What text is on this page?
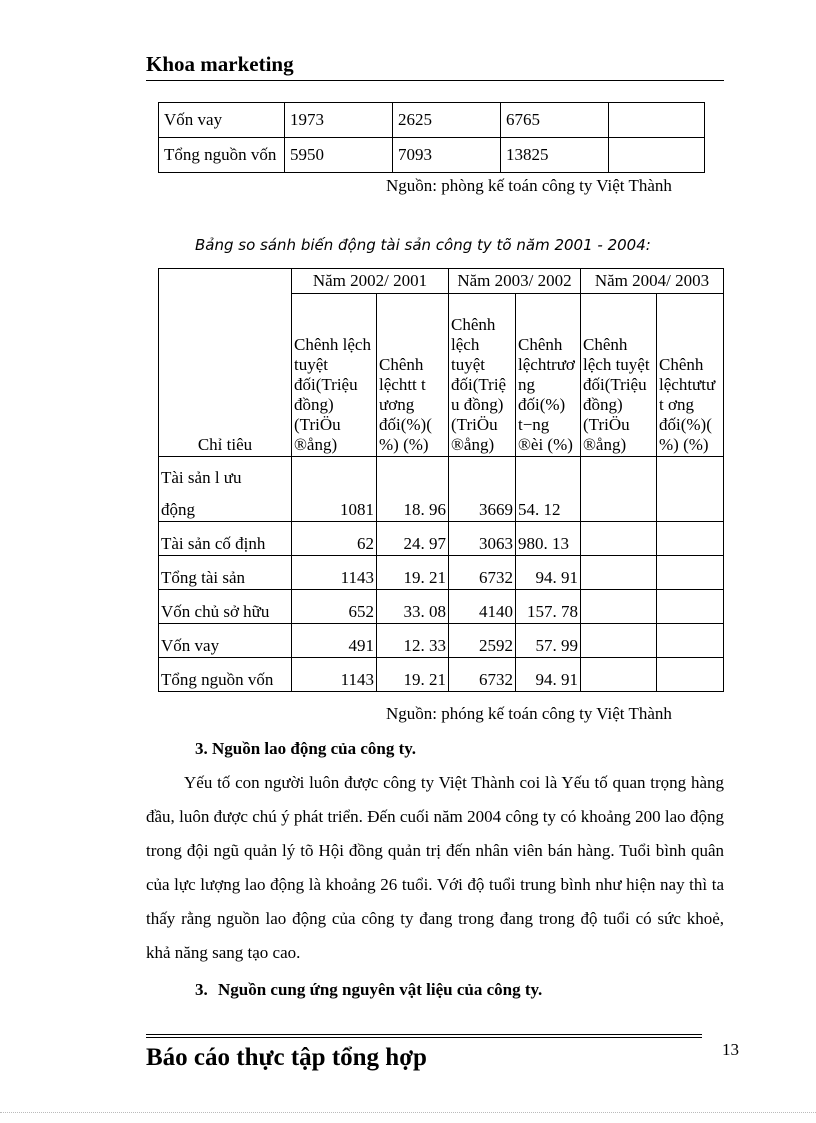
Khoa marketing
Vốn vay	1973	2625	6765	
Tổng nguồn vốn	5950	7093	13825	
Nguồn: phòng kế toán công ty Việt Thành
Bảng so sánh biến động tài sản công ty tõ năm 2001 - 2004:
Chỉ tiêu	Năm 2002/ 2001		Năm 2003/ 2002		Năm 2004/ 2003	
	Chênh lệch tuyệt đối(Triệu đồng) (TriÖu ®ång)	Chênh lệchtt t ương đối(%)( %) (%)	Chênh lệch tuyệt đối(Triệ u đồng) (TriÖu ®ång)	Chênh lệchtrươ ng đối(%) t−ng ®èi (%)	Chênh lệch tuyệt đối(Triệu đồng) (TriÖu ®ång)	Chênh lệchtưtư t ơng đối(%)( %) (%)

Tài sản l ưu
động	1081	18. 96	3669	54. 12		
Tài sản cố định	62	24. 97	3063	980. 13		
Tổng tài sản	1143	19. 21	6732	94. 91		
Vốn chủ sở hữu	652	33. 08	4140	157. 78		
Vốn vay	491	12. 33	2592	57. 99		
Tổng nguồn vốn	1143	19. 21	6732	94. 91		
Nguồn: phóng kế toán công ty Việt Thành
3. Nguồn lao động của công ty.

Yếu tố con người luôn được công ty Việt Thành coi là Yếu tố quan trọng hàng đầu, luôn được chú ý phát triển. Đến cuối năm 2004 công ty có khoảng 200 lao động trong đội ngũ quản lý tõ Hội đồng quản trị đến nhân viên bán hàng. Tuổi bình quân của lực lượng lao động là khoảng 26 tuổi. Với độ tuổi trung bình như hiện nay thì ta thấy rằng nguồn lao động của công ty đang trong đang trong độ tuổi có sức khoẻ, khả năng sang tạo cao.

3. Nguồn cung ứng nguyên vật liệu của công ty.
Báo cáo thực tập tổng hợp	13
